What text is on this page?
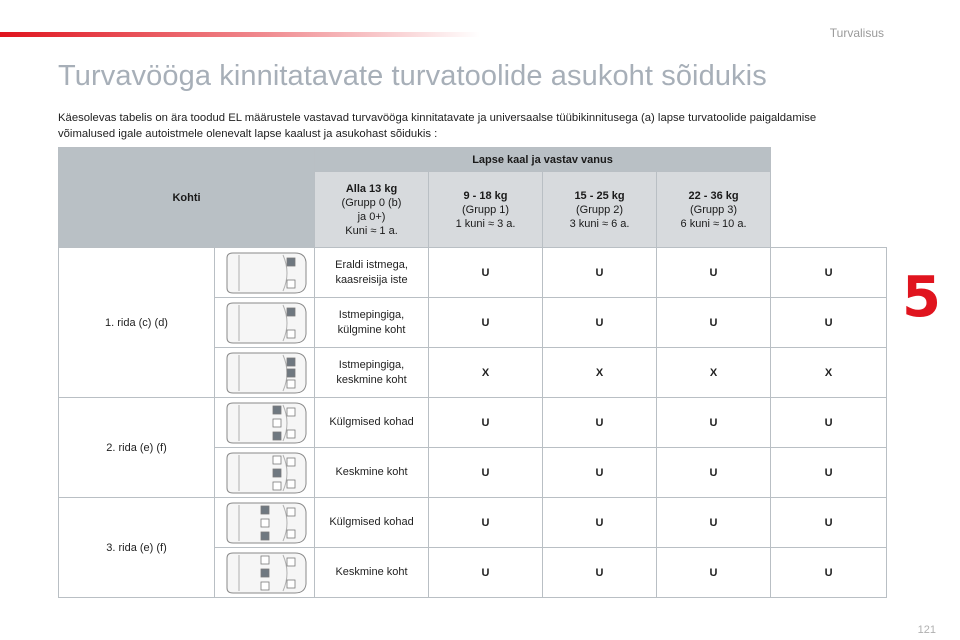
Turvalisus
5
121
Turvavööga kinnitatavate turvatoolide asukoht sõidukis

Käesolevas tabelis on ära toodud EL määrustele vastavad turvavööga kinnitatavate ja universaalse tüübikinnitusega (a) lapse turvatoolide paigaldamise võimalused igale autoistmele olenevalt lapse kaalust ja asukohast sõidukis :

Kohti		Lapse kaal ja vastav vanus				

		Alla 13 kg
(Grupp 0 (b)
ja 0+)
Kuni ≈ 1 a.	9 - 18 kg
(Grupp 1)
1 kuni ≈ 3 a.	15 - 25 kg
(Grupp 2)
3 kuni ≈ 6 a.	22 - 36 kg
(Grupp 3)
6 kuni ≈ 10 a.	

1. rida (c) (d)		Eraldi istmega,
kaasreisija iste	U	U	U	U

Istmepingiga,
külgmine koht	U	U	U	U

Istmepingiga,
keskmine koht	X	X	X	X
2. rida (e) (f)		Külgmised kohad	U	U	U	U

Keskmine koht	U	U	U	U
3. rida (e) (f)		Külgmised kohad	U	U	U	U

Keskmine koht	U	U	U	U
